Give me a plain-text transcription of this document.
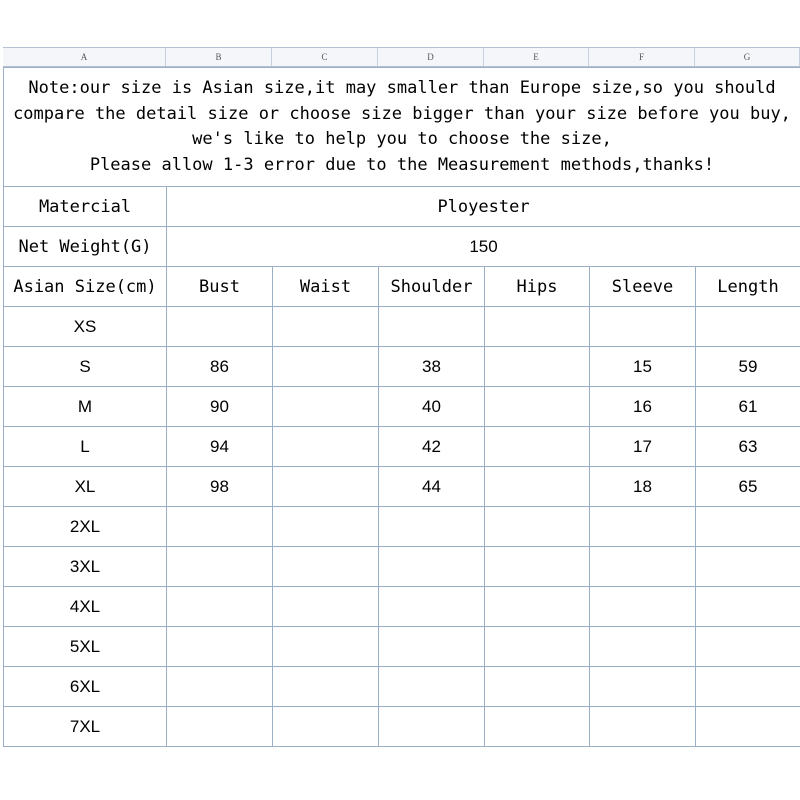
A	B	C	D	E	F	G
Note:our size is Asian size,it may smaller than Europe size,so you should
compare the detail size or choose size bigger than your size before you buy,
we's like to help you to choose the size,
Please allow 1-3 error due to the Measurement methods,thanks!						

Matercial	Ployester					
Net Weight(G)	150					
Asian Size(cm)	Bust	Waist	Shoulder	Hips	Sleeve	Length
XS						
S	86		38		15	59
M	90		40		16	61
L	94		42		17	63
XL	98		44		18	65
2XL						
3XL						
4XL						
5XL						
6XL						
7XL						
